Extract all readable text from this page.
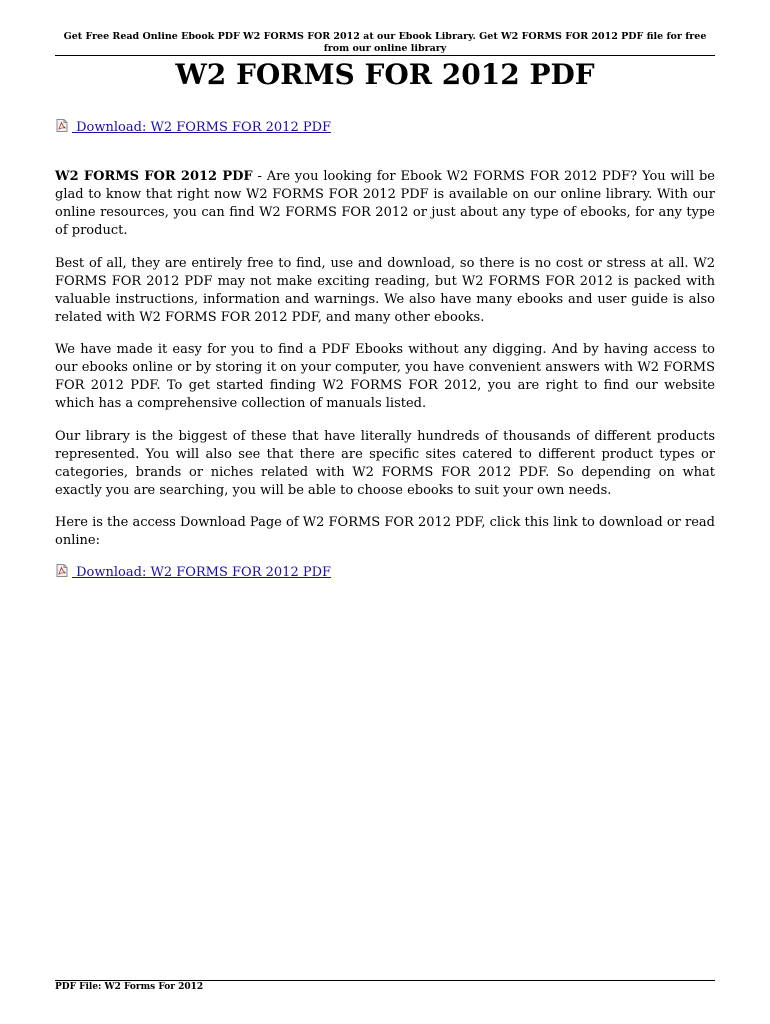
Get Free Read Online Ebook PDF W2 FORMS FOR 2012 at our Ebook Library. Get W2 FORMS FOR 2012 PDF file for free from our online library
W2 FORMS FOR 2012 PDF
Download: W2 FORMS FOR 2012 PDF

W2 FORMS FOR 2012 PDF - Are you looking for Ebook W2 FORMS FOR 2012 PDF? You will be glad to know that right now W2 FORMS FOR 2012 PDF is available on our online library. With our online resources, you can find W2 FORMS FOR 2012 or just about any type of ebooks, for any type of product.

Best of all, they are entirely free to find, use and download, so there is no cost or stress at all. W2 FORMS FOR 2012 PDF may not make exciting reading, but W2 FORMS FOR 2012 is packed with valuable instructions, information and warnings. We also have many ebooks and user guide is also related with W2 FORMS FOR 2012 PDF, and many other ebooks.

We have made it easy for you to find a PDF Ebooks without any digging. And by having access to our ebooks online or by storing it on your computer, you have convenient answers with W2 FORMS FOR 2012 PDF. To get started finding W2 FORMS FOR 2012, you are right to find our website which has a comprehensive collection of manuals listed.

Our library is the biggest of these that have literally hundreds of thousands of different products represented. You will also see that there are specific sites catered to different product types or categories, brands or niches related with W2 FORMS FOR 2012 PDF. So depending on what exactly you are searching, you will be able to choose ebooks to suit your own needs.

Here is the access Download Page of W2 FORMS FOR 2012 PDF, click this link to download or read online:

Download: W2 FORMS FOR 2012 PDF
PDF File: W2 Forms For 2012
